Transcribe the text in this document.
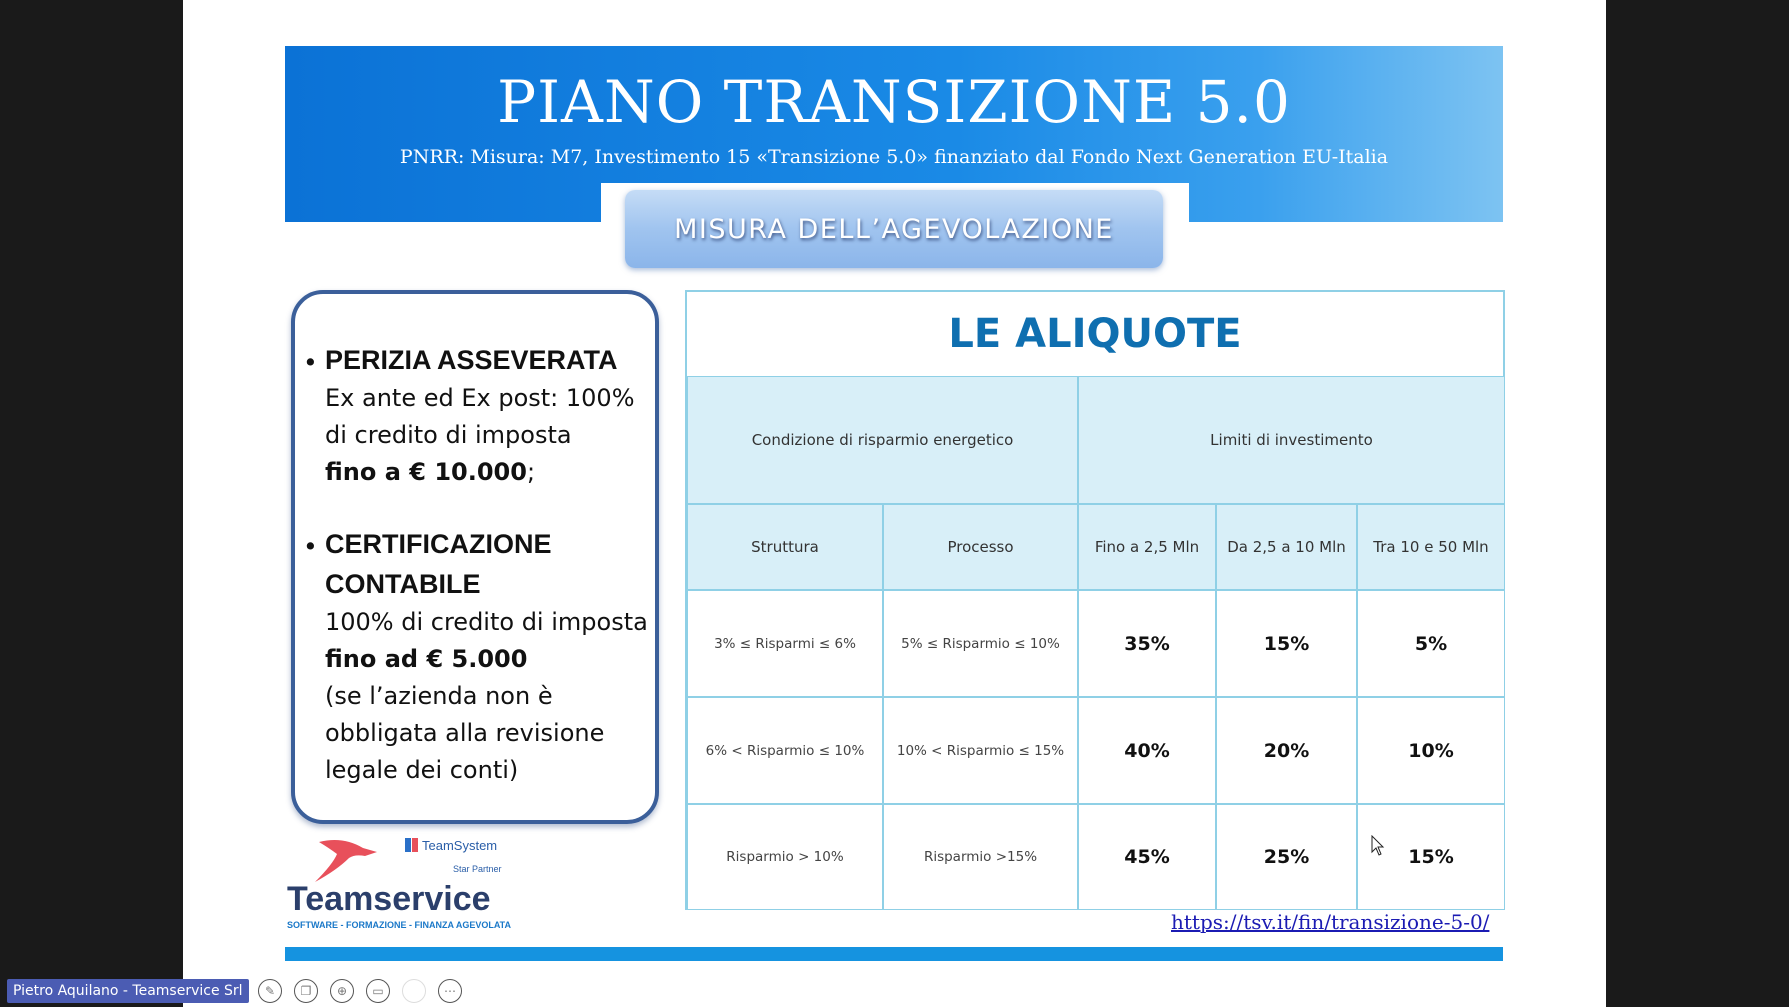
PIANO TRANSIZIONE 5.0
PNRR: Misura: M7, Investimento 15 «Transizione 5.0» finanziato dal Fondo Next Generation EU-Italia
MISURA DELL’AGEVOLAZIONE
• PERIZIA ASSEVERATA
Ex ante ed Ex post: 100%
di credito di imposta
fino a € 10.000;
• CERTIFICAZIONE
CONTABILE
100% di credito di imposta
fino ad € 5.000
(se l’azienda non è
obbligata alla revisione
legale dei conti)
LE ALIQUOTE
Condizione di risparmio energetico	Limiti di investimento
Struttura	Processo	Fino a 2,5 Mln	Da 2,5 a 10 Mln	Tra 10 e 50 Mln
3% ≤ Risparmi ≤ 6%	5% ≤ Risparmio ≤ 10%	35%	15%	5%
6% < Risparmio ≤ 10%	10% < Risparmio ≤ 15%	40%	20%	10%
Risparmio > 10%	Risparmio >15%	45%	25%	15%
TeamSystem
Star Partner
Teamservice
SOFTWARE - FORMAZIONE - FINANZA AGEVOLATA	https://tsv.it/fin/transizione-5-0/
Pietro Aquilano - Teamservice Srl	✎	❐	⊕	▭	▶	⋯
